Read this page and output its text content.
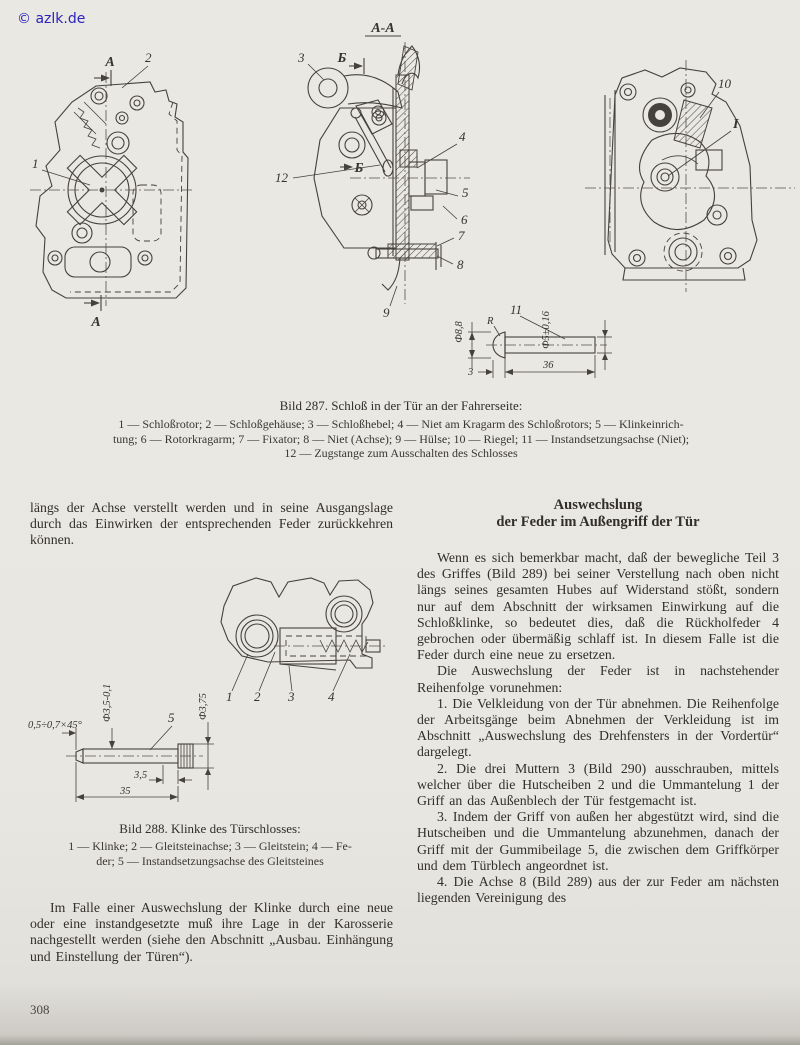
© azlk.de
A
A
2
1
A-A
Б
Б
3
12
4
5
6
7
8
9
Ф8,8 R
11
Ф5±0,16
3
36
10
I
Bild 287. Schloß in der Tür an der Fahrerseite:
1 — Schloßrotor; 2 — Schloßgehäuse; 3 — Schloßhebel; 4 — Niet am Kragarm des Schloßrotors; 5 — Klinkeinrich-
tung; 6 — Rotorkragarm; 7 — Fixator; 8 — Niet (Achse); 9 — Hülse; 10 — Riegel; 11 — Instandsetzungsachse (Niet);
12 — Zugstange zum Ausschalten des Schlosses

längs der Achse verstellt werden und in seine Ausgangslage durch das Einwirken der entsprechenden Feder zurückkehren können.

1 2 3	4
0,5÷0,7×45°
Ф3,5-0,1	5 Ф3,75
3,5
35
Bild 288. Klinke des Türschlosses:
1 — Klinke; 2 — Gleitsteinachse; 3 — Gleitstein; 4 — Fe-
der; 5 — Instandsetzungsachse des Gleitsteines

Im Falle einer Auswechslung der Klinke durch eine neue oder eine instandgesetzte muß ihre Lage in der Karosserie nachgestellt werden (siehe den Abschnitt „Ausbau. Einhängung und Einstellung der Türen“).

Auswechslung
der Feder im Außengriff der Tür

Wenn es sich bemerkbar macht, daß der bewegliche Teil 3 des Griffes (Bild 289) bei seiner Verstellung nach oben nicht längs seines gesamten Hubes auf Widerstand stößt, sondern nur auf dem Abschnitt der wirksamen Einwirkung auf die Schloßklinke, so bedeutet dies, daß die Rückholfeder 4 gebrochen oder übermäßig schlaff ist. In diesem Falle ist die Feder durch eine neue zu ersetzen.

Die Auswechslung der Feder ist in nachstehender Reihenfolge vorunehmen:

1. Die Velkleidung von der Tür abnehmen. Die Reihenfolge der Arbeitsgänge beim Abnehmen der Verkleidung ist im Abschnitt „Auswechslung des Drehfensters in der Vordertür“ dargelegt.

2. Die drei Muttern 3 (Bild 290) ausschrauben, mittels welcher über die Hutscheiben 2 und die Ummantelung 1 der Griff an das Außenblech der Tür festgemacht ist.

3. Indem der Griff von außen her abgestützt wird, sind die Hutscheiben und die Ummantelung abzunehmen, danach der Griff mit der Gummibeilage 5, die zwischen dem Griffkörper und dem Türblech angeordnet ist.

4. Die Achse 8 (Bild 289) aus der zur Feder am nächsten liegenden Vereinigung des

308
